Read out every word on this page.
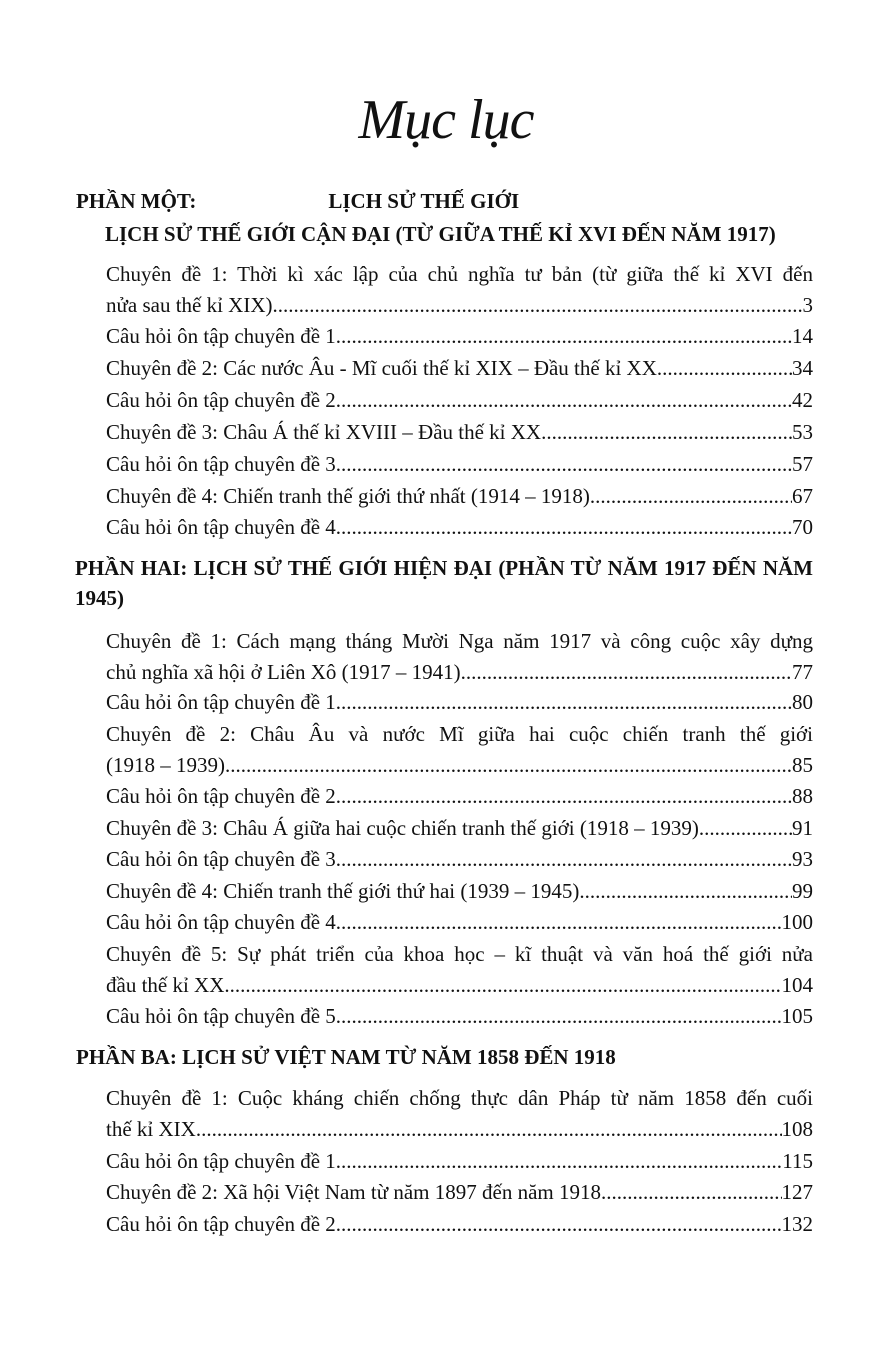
Mục lục
PHẦN MỘT:	LỊCH SỬ THẾ GIỚI
LỊCH SỬ THẾ GIỚI CẬN ĐẠI (TỪ GIỮA THẾ KỈ XVI ĐẾN NĂM 1917)
Chuyên đề 1: Thời kì xác lập của chủ nghĩa tư bản (từ giữa thế kỉ XVI đến
nửa sau thế kỉ XIX) .....	3
Câu hỏi ôn tập chuyên đề 1 .....	14
Chuyên đề 2: Các nước Âu - Mĩ cuối thế kỉ XIX – Đầu thế kỉ XX .....	34
Câu hỏi ôn tập chuyên đề 2 .....	42
Chuyên đề 3: Châu Á thế kỉ XVIII – Đầu thế kỉ XX .....	53
Câu hỏi ôn tập chuyên đề 3 .....	57
Chuyên đề 4: Chiến tranh thế giới thứ nhất (1914 – 1918) .....	67
Câu hỏi ôn tập chuyên đề 4 .....	70
PHẦN HAI: LỊCH SỬ THẾ GIỚI HIỆN ĐẠI (PHẦN TỪ NĂM 1917 ĐẾN NĂM 1945)
Chuyên đề 1: Cách mạng tháng Mười Nga năm 1917 và công cuộc xây dựng
chủ nghĩa xã hội ở Liên Xô (1917 – 1941) .....	77
Câu hỏi ôn tập chuyên đề 1 .....	80
Chuyên đề 2: Châu Âu và nước Mĩ giữa hai cuộc chiến tranh thế giới
(1918 – 1939) .....	85
Câu hỏi ôn tập chuyên đề 2 .....	88
Chuyên đề 3: Châu Á giữa hai cuộc chiến tranh thế giới (1918 – 1939) .....	91
Câu hỏi ôn tập chuyên đề 3 .....	93
Chuyên đề 4: Chiến tranh thế giới thứ hai (1939 – 1945) .....	99
Câu hỏi ôn tập chuyên đề 4 .....	100
Chuyên đề 5: Sự phát triển của khoa học – kĩ thuật và văn hoá thế giới nửa
đầu thế kỉ XX .....	104
Câu hỏi ôn tập chuyên đề 5 .....	105
PHẦN BA: LỊCH SỬ VIỆT NAM TỪ NĂM 1858 ĐẾN 1918
Chuyên đề 1: Cuộc kháng chiến chống thực dân Pháp từ năm 1858 đến cuối
thế kỉ XIX .....	108
Câu hỏi ôn tập chuyên đề 1 .....	115
Chuyên đề 2: Xã hội Việt Nam từ năm 1897 đến năm 1918 .....	127
Câu hỏi ôn tập chuyên đề 2 .....	132
